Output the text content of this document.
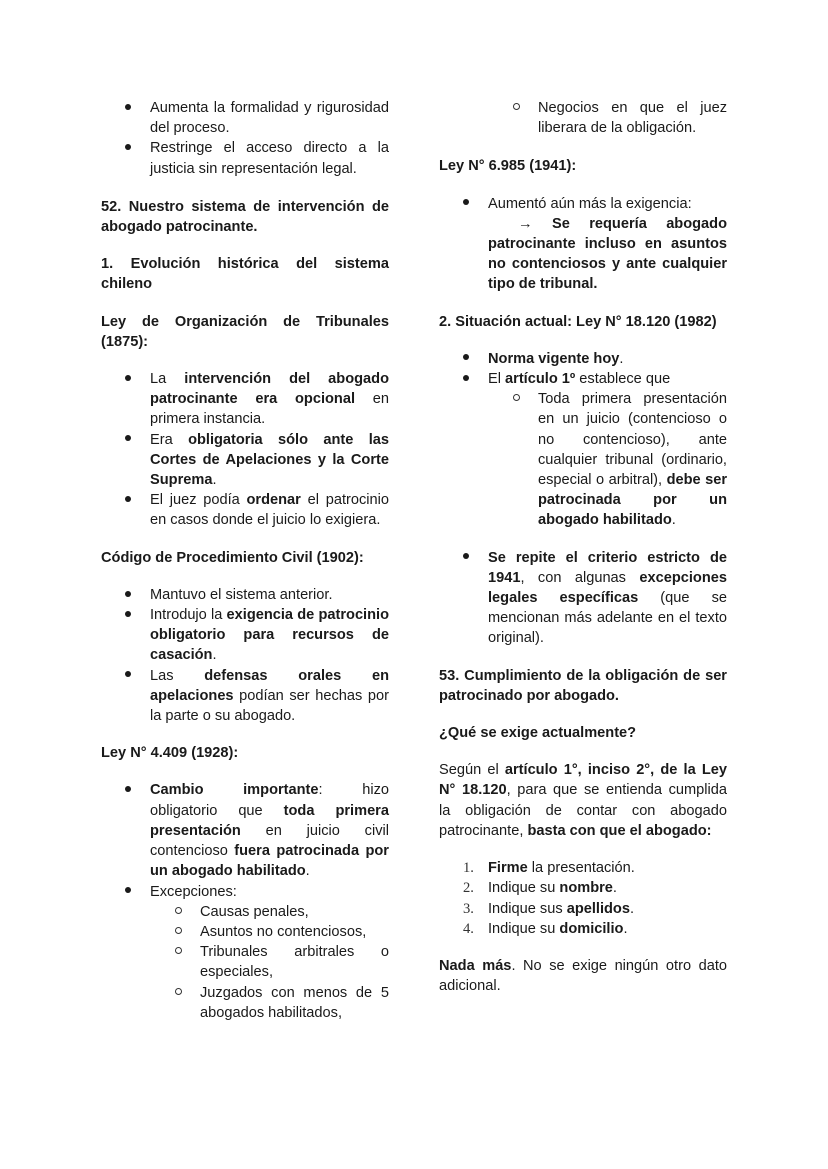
Aumenta la formalidad y rigurosidad del proceso.
Restringe el acceso directo a la justicia sin representación legal.
52. Nuestro sistema de intervención de abogado patrocinante.
1. Evolución histórica del sistema chileno
Ley de Organización de Tribunales (1875):
La intervención del abogado patrocinante era opcional en primera instancia.
Era obligatoria sólo ante las Cortes de Apelaciones y la Corte Suprema.
El juez podía ordenar el patrocinio en casos donde el juicio lo exigiera.
Código de Procedimiento Civil (1902):
Mantuvo el sistema anterior.
Introdujo la exigencia de patrocinio obligatorio para recursos de casación.
Las defensas orales en apelaciones podían ser hechas por la parte o su abogado.
Ley N° 4.409 (1928):
Cambio importante: hizo obligatorio que toda primera presentación en juicio civil contencioso fuera patrocinada por un abogado habilitado.
Excepciones:
Causas penales,
Asuntos no contenciosos,
Tribunales arbitrales o especiales,
Juzgados con menos de 5 abogados habilitados,
Negocios en que el juez liberara de la obligación.
Ley N° 6.985 (1941):
Aumentó aún más la exigencia:
→ Se requería abogado patrocinante incluso en asuntos no contenciosos y ante cualquier tipo de tribunal.
2. Situación actual: Ley N° 18.120 (1982)
Norma vigente hoy.
El artículo 1º establece que
Toda primera presentación en un juicio (contencioso o no contencioso), ante cualquier tribunal (ordinario, especial o arbitral), debe ser patrocinada por un abogado habilitado.
Se repite el criterio estricto de 1941, con algunas excepciones legales específicas (que se mencionan más adelante en el texto original).
53. Cumplimiento de la obligación de ser patrocinado por abogado.
¿Qué se exige actualmente?

Según el artículo 1°, inciso 2°, de la Ley N° 18.120, para que se entienda cumplida la obligación de contar con abogado patrocinante, basta con que el abogado:

1. Firme la presentación.
2. Indique su nombre.
3. Indique sus apellidos.
4. Indique su domicilio.

Nada más. No se exige ningún otro dato adicional.
